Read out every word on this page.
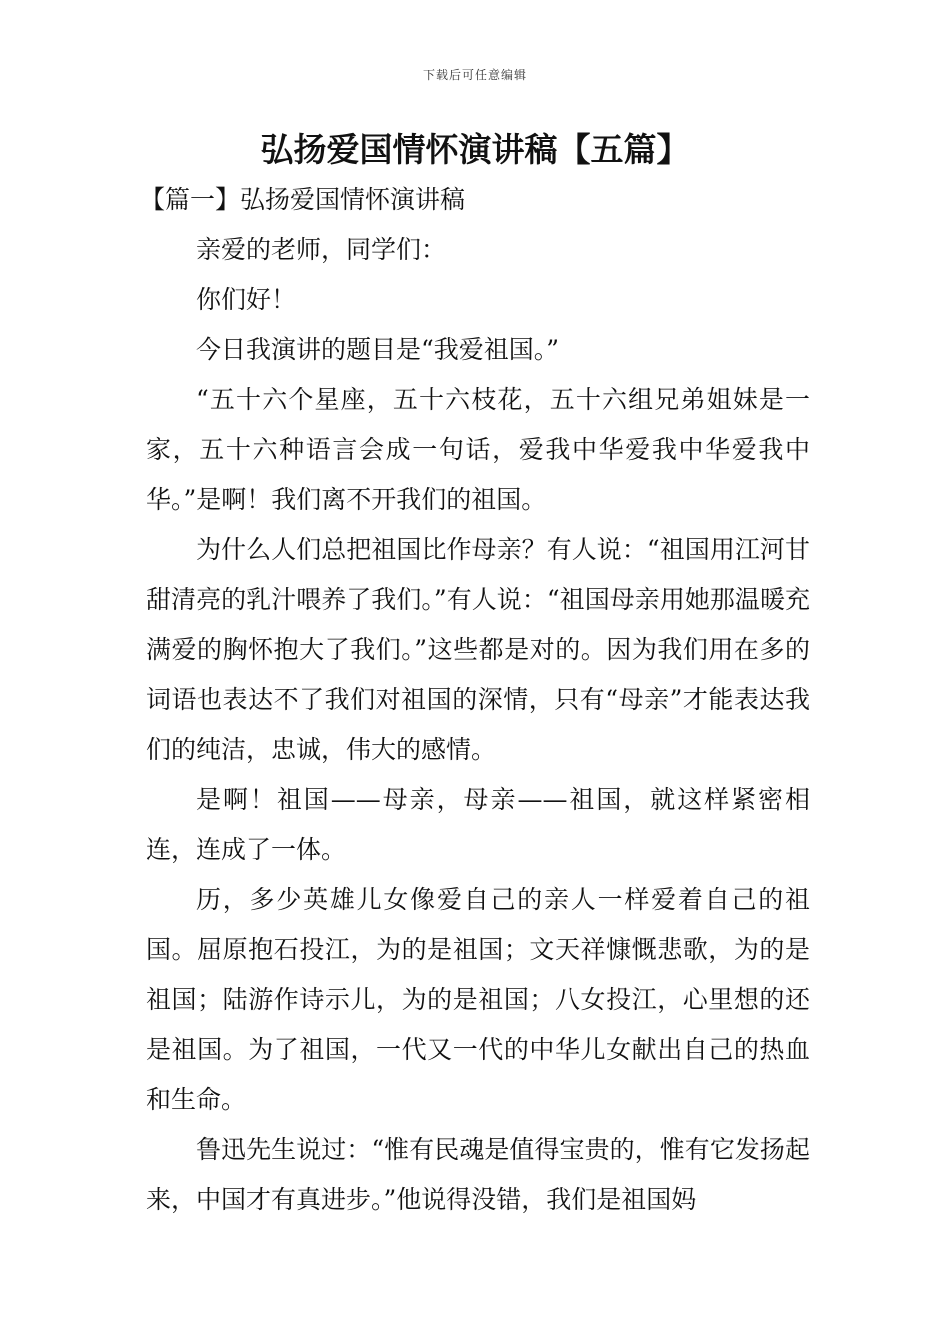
下载后可任意编辑
弘扬爱国情怀演讲稿【五篇】
【篇一】弘扬爱国情怀演讲稿

亲爱的老师，同学们：

你们好！

今日我演讲的题目是“我爱祖国。”

“五十六个星座，五十六枝花，五十六组兄弟姐妹是一家，五十六种语言会成一句话，爱我中华爱我中华爱我中华。”是啊！我们离不开我们的祖国。

为什么人们总把祖国比作母亲？有人说：“祖国用江河甘甜清亮的乳汁喂养了我们。”有人说：“祖国母亲用她那温暖充满爱的胸怀抱大了我们。”这些都是对的。因为我们用在多的词语也表达不了我们对祖国的深情，只有“母亲”才能表达我们的纯洁，忠诚，伟大的感情。

是啊！祖国——母亲，母亲——祖国，就这样紧密相连，连成了一体。

历，多少英雄儿女像爱自己的亲人一样爱着自己的祖国。屈原抱石投江，为的是祖国；文天祥慷慨悲歌，为的是祖国；陆游作诗示儿，为的是祖国；八女投江，心里想的还是祖国。为了祖国，一代又一代的中华儿女献出自己的热血和生命。

鲁迅先生说过：“惟有民魂是值得宝贵的，惟有它发扬起来，中国才有真进步。”他说得没错，我们是祖国妈
